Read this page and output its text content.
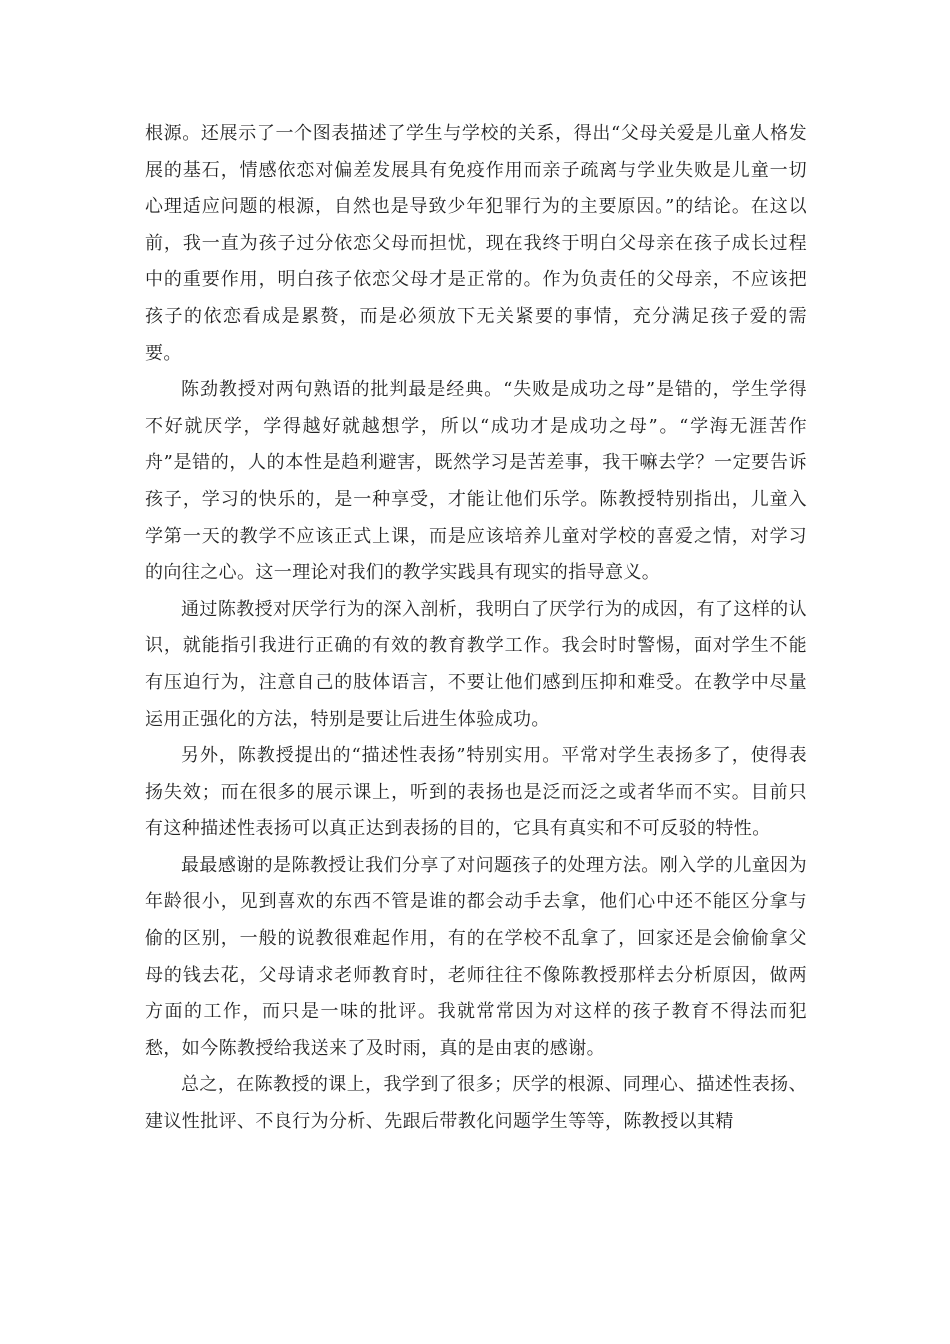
根源。还展示了一个图表描述了学生与学校的关系，得出“父母关爱是儿童人格发展的基石，情感依恋对偏差发展具有免疫作用而亲子疏离与学业失败是儿童一切心理适应问题的根源，自然也是导致少年犯罪行为的主要原因。”的结论。在这以前，我一直为孩子过分依恋父母而担忧，现在我终于明白父母亲在孩子成长过程中的重要作用，明白孩子依恋父母才是正常的。作为负责任的父母亲，不应该把孩子的依恋看成是累赘，而是必须放下无关紧要的事情，充分满足孩子爱的需要。

陈劲教授对两句熟语的批判最是经典。“失败是成功之母”是错的，学生学得不好就厌学，学得越好就越想学，所以“成功才是成功之母”。“学海无涯苦作舟”是错的，人的本性是趋利避害，既然学习是苦差事，我干嘛去学？一定要告诉孩子，学习的快乐的，是一种享受，才能让他们乐学。陈教授特别指出，儿童入学第一天的教学不应该正式上课，而是应该培养儿童对学校的喜爱之情，对学习的向往之心。这一理论对我们的教学实践具有现实的指导意义。

通过陈教授对厌学行为的深入剖析，我明白了厌学行为的成因，有了这样的认识，就能指引我进行正确的有效的教育教学工作。我会时时警惕，面对学生不能有压迫行为，注意自己的肢体语言，不要让他们感到压抑和难受。在教学中尽量运用正强化的方法，特别是要让后进生体验成功。

另外，陈教授提出的“描述性表扬”特别实用。平常对学生表扬多了，使得表扬失效；而在很多的展示课上，听到的表扬也是泛而泛之或者华而不实。目前只有这种描述性表扬可以真正达到表扬的目的，它具有真实和不可反驳的特性。

最最感谢的是陈教授让我们分享了对问题孩子的处理方法。刚入学的儿童因为年龄很小，见到喜欢的东西不管是谁的都会动手去拿，他们心中还不能区分拿与偷的区别，一般的说教很难起作用，有的在学校不乱拿了，回家还是会偷偷拿父母的钱去花，父母请求老师教育时，老师往往不像陈教授那样去分析原因，做两方面的工作，而只是一味的批评。我就常常因为对这样的孩子教育不得法而犯愁，如今陈教授给我送来了及时雨，真的是由衷的感谢。

总之，在陈教授的课上，我学到了很多；厌学的根源、同理心、描述性表扬、建议性批评、不良行为分析、先跟后带教化问题学生等等，陈教授以其精
